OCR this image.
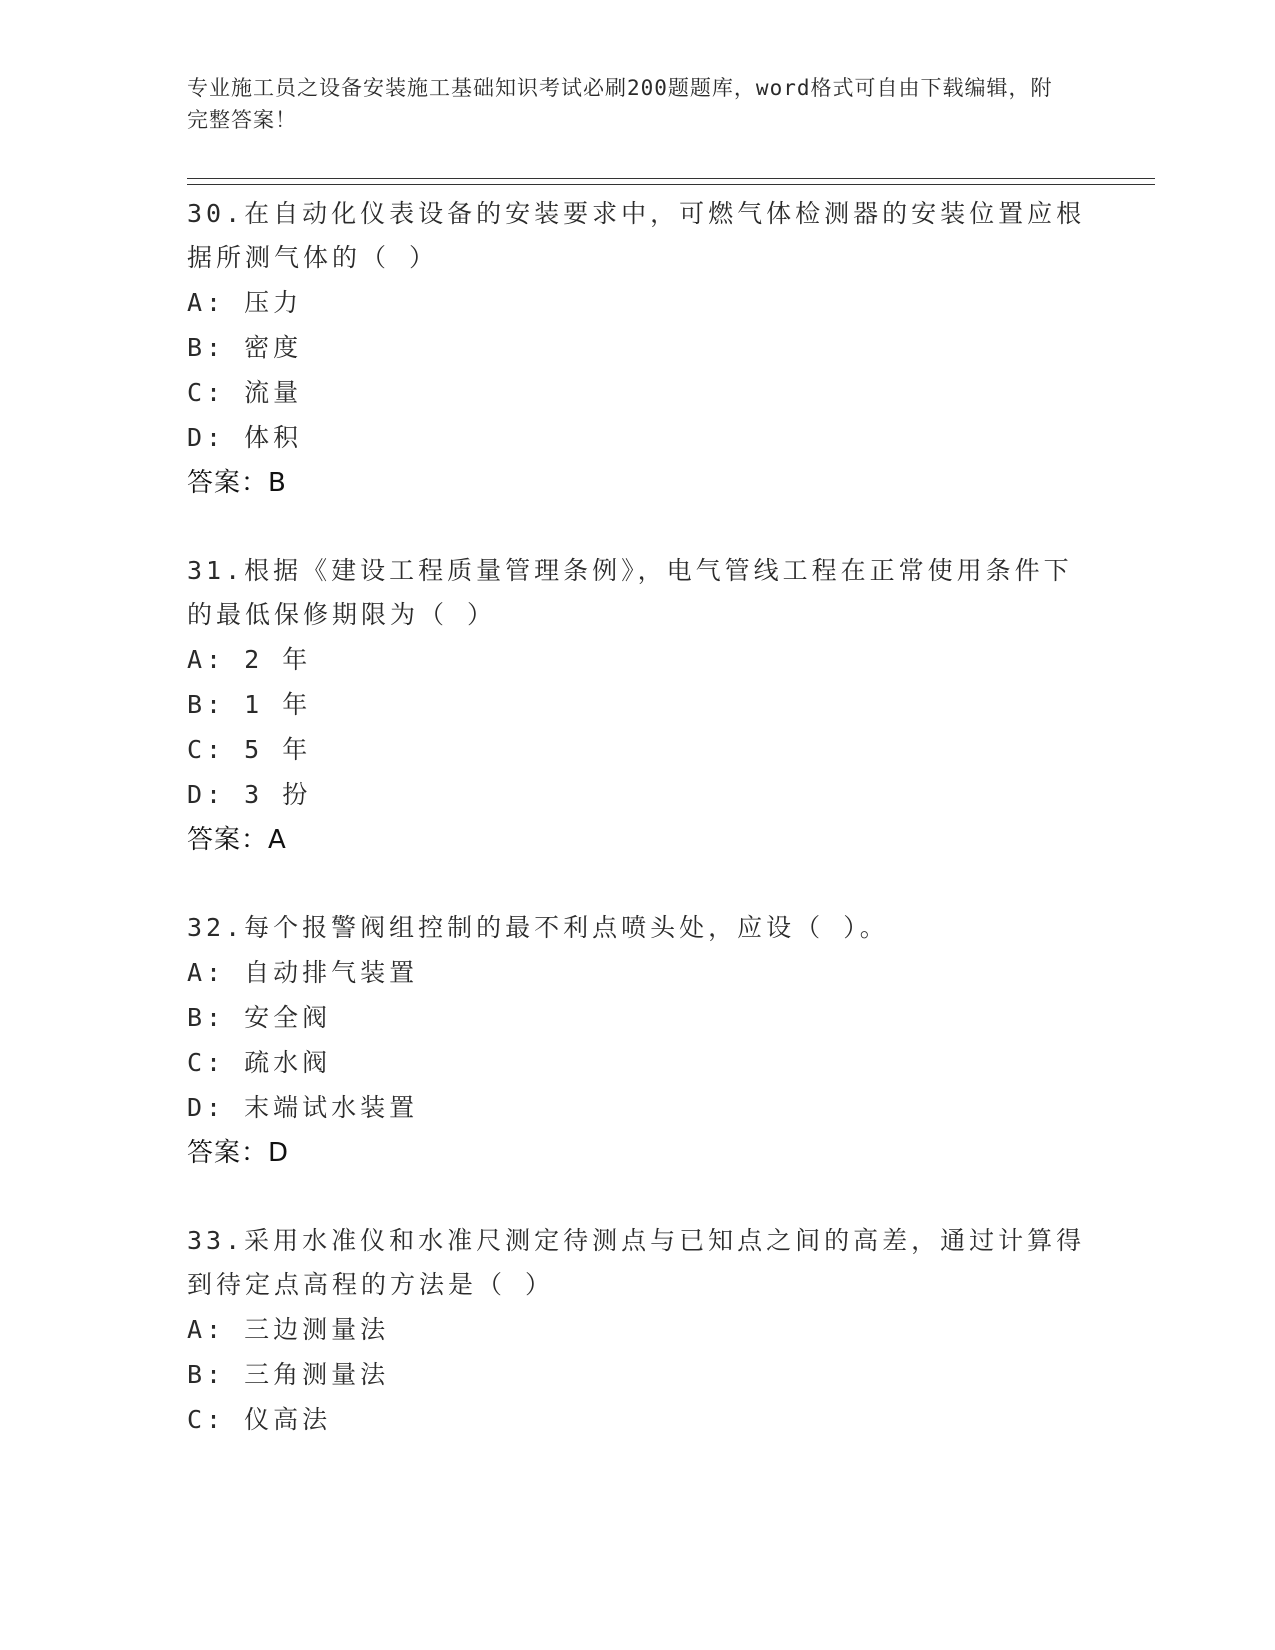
专业施工员之设备安装施工基础知识考试必刷200题题库，word格式可自由下载编辑，附完整答案！
30.在自动化仪表设备的安装要求中，可燃气体检测器的安装位置应根据所测气体的（ ）
A: 压力
B: 密度
C: 流量
D: 体积
答案：B
31.根据《建设工程质量管理条例》，电气管线工程在正常使用条件下的最低保修期限为（ ）
A: 2 年
B: 1 年
C: 5 年
D: 3 扮
答案：A
32.每个报警阀组控制的最不利点喷头处，应设（ ）。
A: 自动排气装置
B: 安全阀
C: 疏水阀
D: 末端试水装置
答案：D
33.采用水准仪和水准尺测定待测点与已知点之间的高差，通过计算得到待定点高程的方法是（ ）
A: 三边测量法
B: 三角测量法
C: 仪高法
